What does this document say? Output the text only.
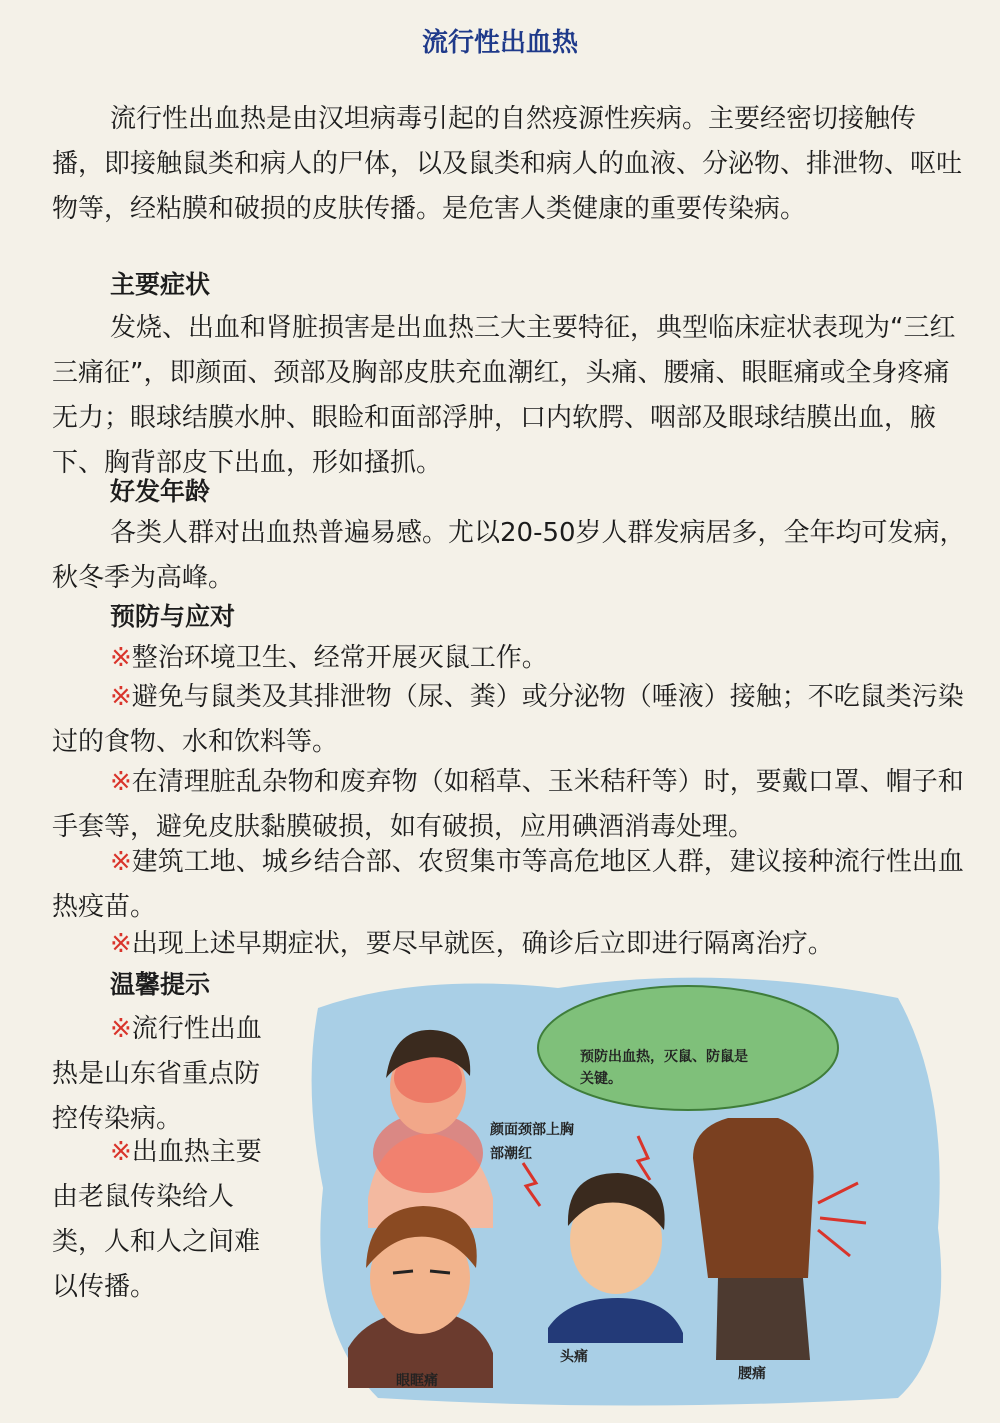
流行性出血热
流行性出血热是由汉坦病毒引起的自然疫源性疾病。主要经密切接触传播，即接触鼠类和病人的尸体，以及鼠类和病人的血液、分泌物、排泄物、呕吐物等，经粘膜和破损的皮肤传播。是危害人类健康的重要传染病。
主要症状
发烧、出血和肾脏损害是出血热三大主要特征，典型临床症状表现为“三红三痛征”，即颜面、颈部及胸部皮肤充血潮红，头痛、腰痛、眼眶痛或全身疼痛无力；眼球结膜水肿、眼睑和面部浮肿，口内软腭、咽部及眼球结膜出血，腋下、胸背部皮下出血，形如搔抓。
好发年龄
各类人群对出血热普遍易感。尤以20-50岁人群发病居多，全年均可发病，秋冬季为高峰。
预防与应对
※整治环境卫生、经常开展灭鼠工作。
※避免与鼠类及其排泄物（尿、粪）或分泌物（唾液）接触；不吃鼠类污染过的食物、水和饮料等。
※在清理脏乱杂物和废弃物（如稻草、玉米秸秆等）时，要戴口罩、帽子和手套等，避免皮肤黏膜破损，如有破损，应用碘酒消毒处理。
※建筑工地、城乡结合部、农贸集市等高危地区人群，建议接种流行性出血热疫苗。
※出现上述早期症状，要尽早就医，确诊后立即进行隔离治疗。
温馨提示
※流行性出血热是山东省重点防控传染病。
※出血热主要由老鼠传染给人类，人和人之间难以传播。
预防出血热，灭鼠、防鼠是关键。
颜面颈部上胸部潮红
眼眶痛
头痛
腰痛
